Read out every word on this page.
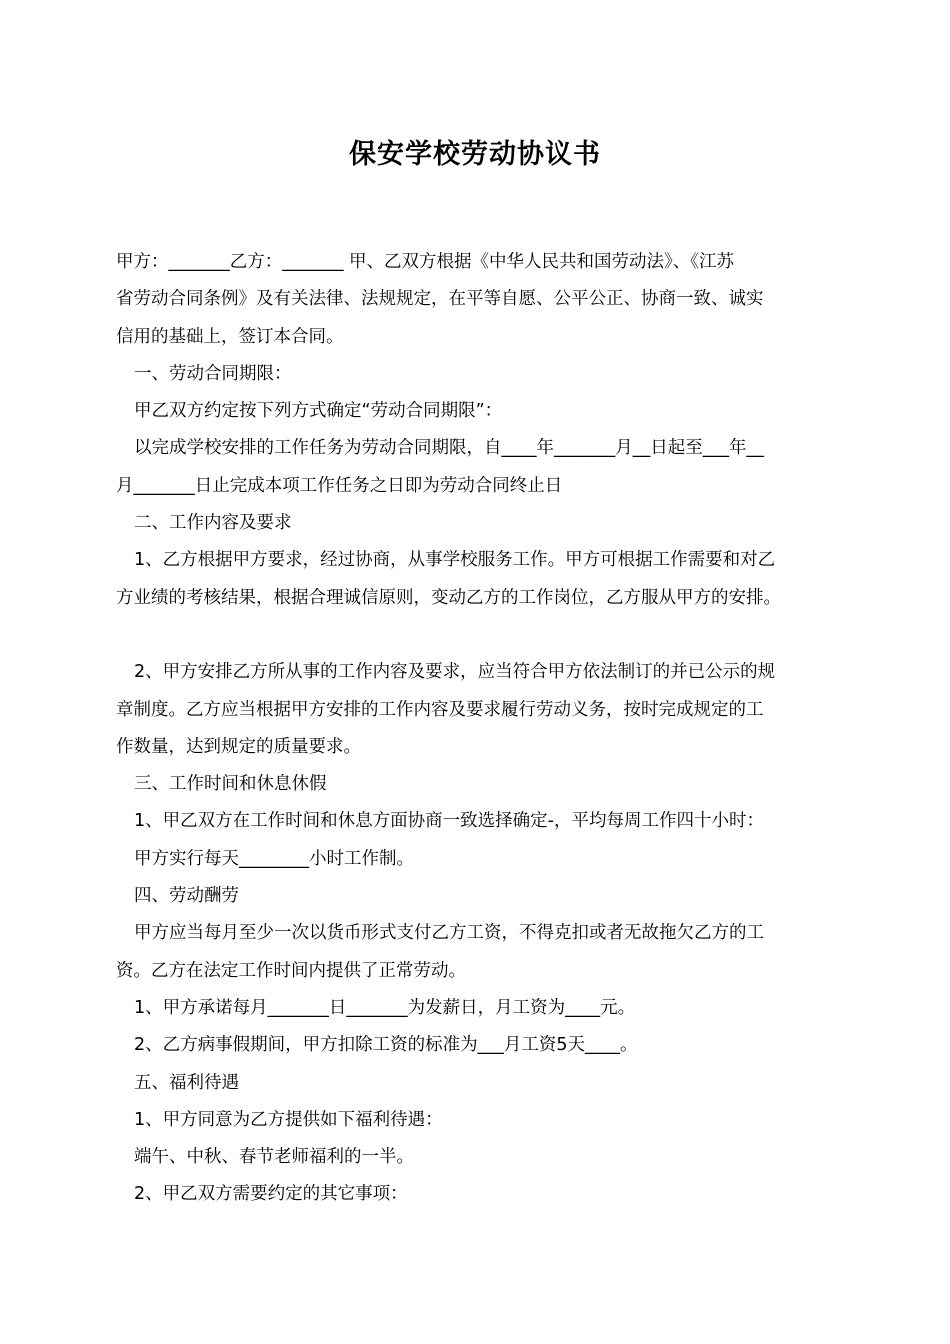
保安学校劳动协议书
甲方：_______乙方：_______ 甲、乙双方根据《中华人民共和国劳动法》、《江苏
省劳动合同条例》及有关法律、法规规定，在平等自愿、公平公正、协商一致、诚实
信用的基础上，签订本合同。
一、劳动合同期限：
甲乙双方约定按下列方式确定“劳动合同期限”：
以完成学校安排的工作任务为劳动合同期限，自____年_______月__日起至___年__
月_______日止完成本项工作任务之日即为劳动合同终止日
二、工作内容及要求
1、乙方根据甲方要求，经过协商，从事学校服务工作。甲方可根据工作需要和对乙
方业绩的考核结果，根据合理诚信原则，变动乙方的工作岗位，乙方服从甲方的安排。
2、甲方安排乙方所从事的工作内容及要求，应当符合甲方依法制订的并已公示的规
章制度。乙方应当根据甲方安排的工作内容及要求履行劳动义务，按时完成规定的工
作数量，达到规定的质量要求。
三、工作时间和休息休假
1、甲乙双方在工作时间和休息方面协商一致选择确定-，平均每周工作四十小时：
甲方实行每天________小时工作制。
四、劳动酬劳
甲方应当每月至少一次以货币形式支付乙方工资，不得克扣或者无故拖欠乙方的工
资。乙方在法定工作时间内提供了正常劳动。
1、甲方承诺每月_______日_______为发薪日，月工资为____元。
2、乙方病事假期间，甲方扣除工资的标准为___月工资5天____。
五、福利待遇
1、甲方同意为乙方提供如下福利待遇：
端午、中秋、春节老师福利的一半。
2、甲乙双方需要约定的其它事项：
